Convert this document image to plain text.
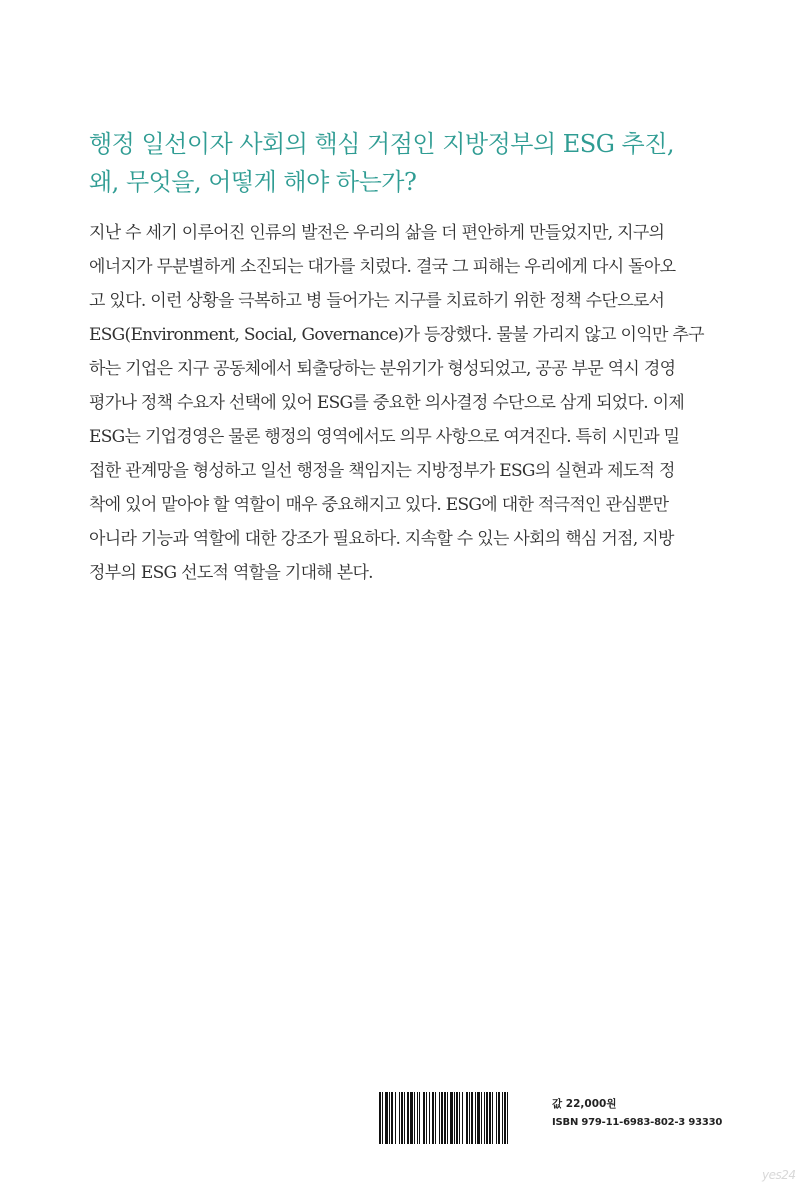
행정 일선이자 사회의 핵심 거점인 지방정부의 ESG 추진,
왜, 무엇을, 어떻게 해야 하는가?
지난 수 세기 이루어진 인류의 발전은 우리의 삶을 더 편안하게 만들었지만, 지구의
에너지가 무분별하게 소진되는 대가를 치렀다. 결국 그 피해는 우리에게 다시 돌아오
고 있다. 이런 상황을 극복하고 병 들어가는 지구를 치료하기 위한 정책 수단으로서
ESG(Environment, Social, Governance)가 등장했다. 물불 가리지 않고 이익만 추구
하는 기업은 지구 공동체에서 퇴출당하는 분위기가 형성되었고, 공공 부문 역시 경영
평가나 정책 수요자 선택에 있어 ESG를 중요한 의사결정 수단으로 삼게 되었다. 이제
ESG는 기업경영은 물론 행정의 영역에서도 의무 사항으로 여겨진다. 특히 시민과 밀
접한 관계망을 형성하고 일선 행정을 책임지는 지방정부가 ESG의 실현과 제도적 정
착에 있어 맡아야 할 역할이 매우 중요해지고 있다. ESG에 대한 적극적인 관심뿐만
아니라 기능과 역할에 대한 강조가 필요하다. 지속할 수 있는 사회의 핵심 거점, 지방
정부의 ESG 선도적 역할을 기대해 본다.
값 22,000원
ISBN 979-11-6983-802-3 93330
yes24
